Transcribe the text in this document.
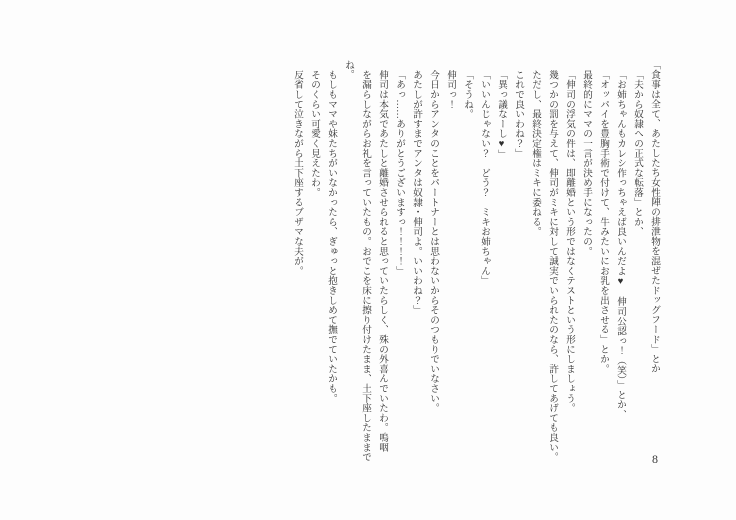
「食事は全て、あたしたち女性陣の排泄物を混ぜたドッグフード」とか
「夫から奴隷への正式な転落」とか、
「お姉ちゃんもカレシ作っちゃえば良いんだよ♥　伸司公認っ！（笑）」とか、
「オッパイを豊胸手術で付けて、牛みたいにお乳を出させる」とか。
最終的にママの一言が決め手になったの。
「伸司の浮気の件は、即離婚という形ではなくテストという形にしましょう。
幾つかの罰を与えて、伸司がミキに対して誠実でいられたのなら、許してあげても良い。
ただし、最終決定権はミキに委ねる。
これで良いわね？」
「異っ議なーし♥」
「いいんじゃない？　どう？　ミキお姉ちゃん」
「そうね。
伸司っ！
今日からアンタのことをパートナーとは思わないからそのつもりでいなさい。
あたしが許すまでアンタは奴隷・伸司よ。いいわね？」
「あっ……ありがとうございますっ！！！！」
伸司は本気であたしと離婚させられると思っていたらしく、殊の外喜んでいたわ。嗚咽
を漏らしながらお礼を言っていたもの。おでこを床に擦り付けたまま、土下座したままで
ね。
もしもママや妹たちがいなかったら、ぎゅっと抱きしめて撫でていたかも。
そのくらい可愛く見えたわ。
反省して泣きながら土下座するブザマな夫が。
8
